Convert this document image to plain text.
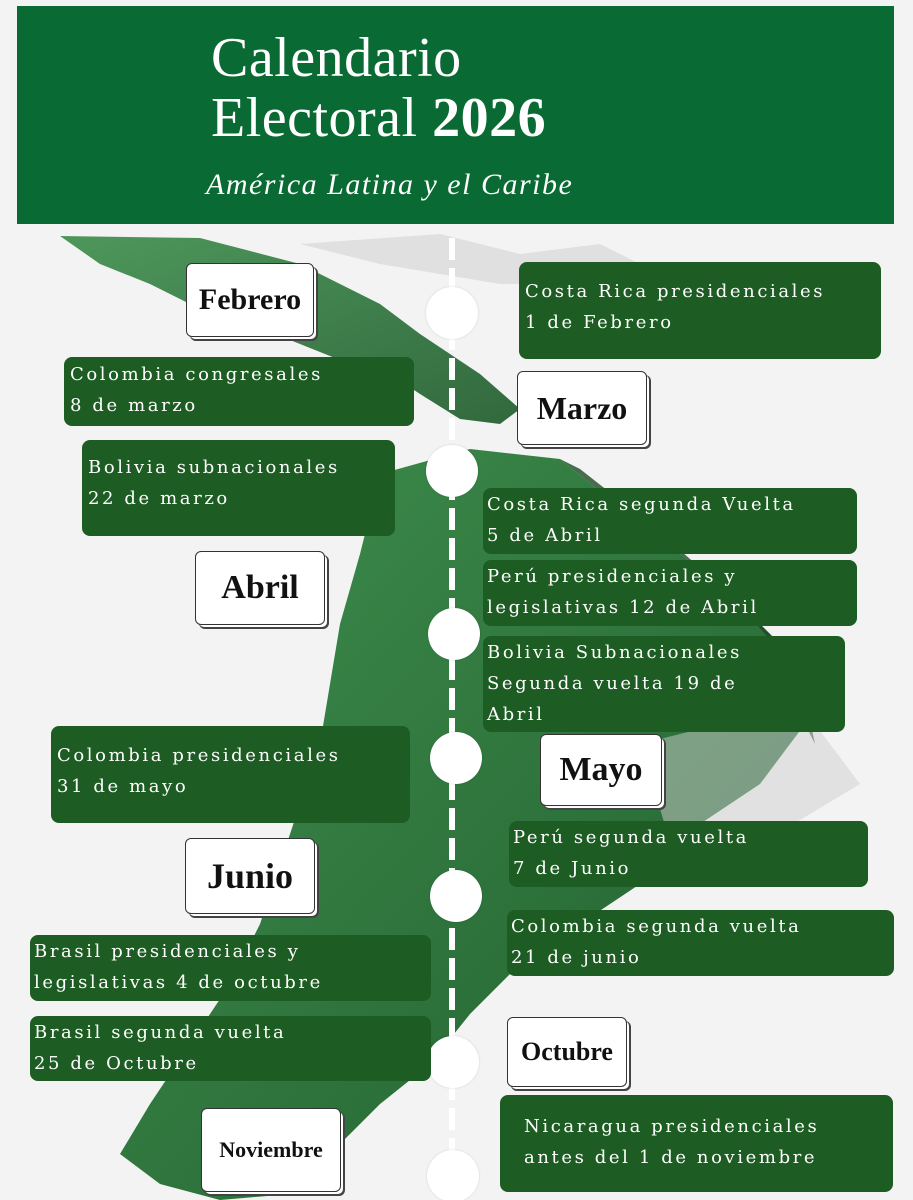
Calendario
Electoral 2026
América Latina y el Caribe
Febrero
Marzo
Abril
Mayo
Junio
Octubre
Noviembre
Costa Rica presidenciales
1 de Febrero
Colombia congresales
8 de marzo
Bolivia subnacionales
22 de marzo	Costa Rica segunda Vuelta
5 de Abril
Perú presidenciales y
legislativas 12 de Abril
Bolivia Subnacionales
Segunda vuelta 19 de
Abril
Colombia presidenciales
31 de mayo
Perú segunda vuelta
7 de Junio
Colombia segunda vuelta
21 de junio
Brasil presidenciales y
legislativas 4 de octubre
Brasil segunda vuelta
25 de Octubre
Nicaragua presidenciales
antes del 1 de noviembre
